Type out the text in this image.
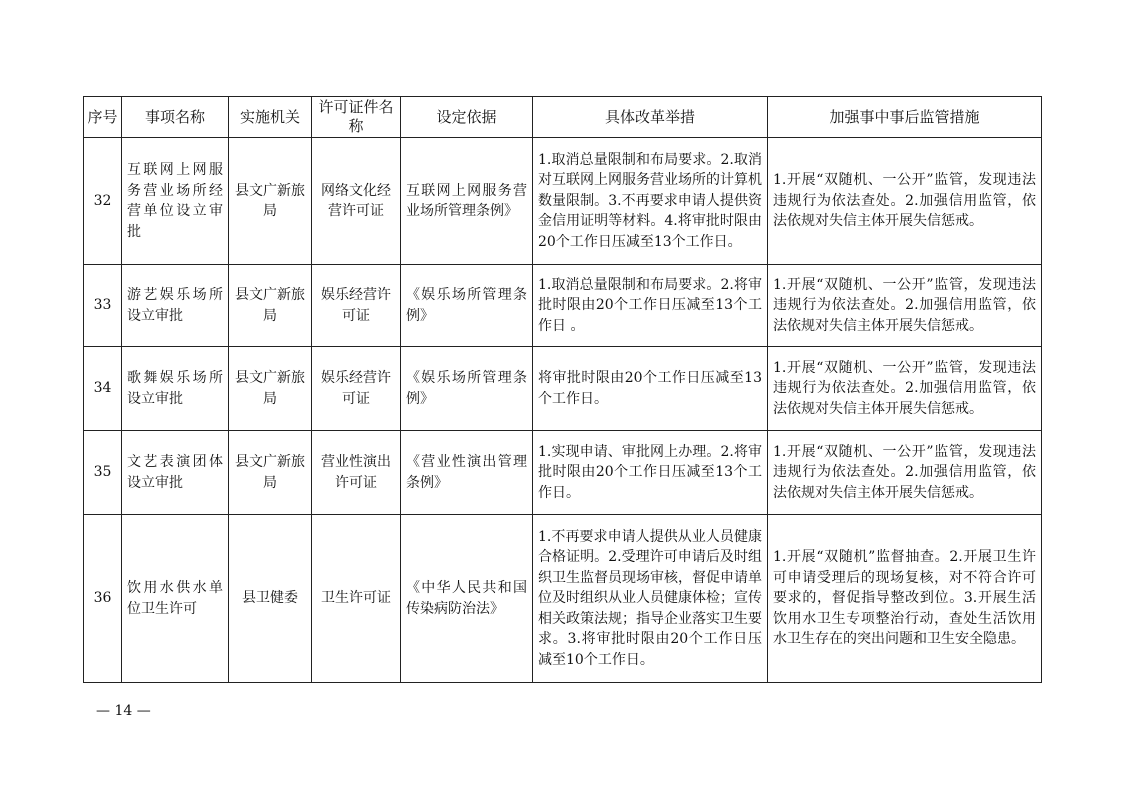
序号	事项名称	实施机关	许可证件名称	设定依据	具体改革举措	加强事中事后监管措施
32	互联网上网服务营业场所经营单位设立审批	县文广新旅局	网络文化经营许可证	互联网上网服务营业场所管理条例》	1.取消总量限制和布局要求。2.取消对互联网上网服务营业场所的计算机数量限制。3.不再要求申请人提供资金信用证明等材料。4.将审批时限由20个工作日压减至13个工作日。	1.开展“双随机、一公开”监管，发现违法违规行为依法查处。2.加强信用监管，依法依规对失信主体开展失信惩戒。
33	游艺娱乐场所设立审批	县文广新旅局	娱乐经营许可证	《娱乐场所管理条例》	1.取消总量限制和布局要求。2.将审批时限由20个工作日压减至13个工作日 。	1.开展“双随机、一公开”监管，发现违法违规行为依法查处。2.加强信用监管，依法依规对失信主体开展失信惩戒。
34	歌舞娱乐场所设立审批	县文广新旅局	娱乐经营许可证	《娱乐场所管理条例》	将审批时限由20个工作日压减至13个工作日。	1.开展“双随机、一公开”监管，发现违法违规行为依法查处。2.加强信用监管，依法依规对失信主体开展失信惩戒。
35	文艺表演团体设立审批	县文广新旅局	营业性演出许可证	《营业性演出管理条例》	1.实现申请、审批网上办理。2.将审批时限由20个工作日压减至13个工作日。	1.开展“双随机、一公开”监管，发现违法违规行为依法查处。2.加强信用监管，依法依规对失信主体开展失信惩戒。
36	饮用水供水单位卫生许可	县卫健委	卫生许可证	《中华人民共和国传染病防治法》	1.不再要求申请人提供从业人员健康合格证明。2.受理许可申请后及时组织卫生监督员现场审核，督促申请单位及时组织从业人员健康体检；宣传相关政策法规；指导企业落实卫生要求。3.将审批时限由20个工作日压减至10个工作日。	1.开展“双随机”监督抽查。2.开展卫生许可申请受理后的现场复核，对不符合许可要求的，督促指导整改到位。3.开展生活饮用水卫生专项整治行动，查处生活饮用水卫生存在的突出问题和卫生安全隐患。
— 14 —
